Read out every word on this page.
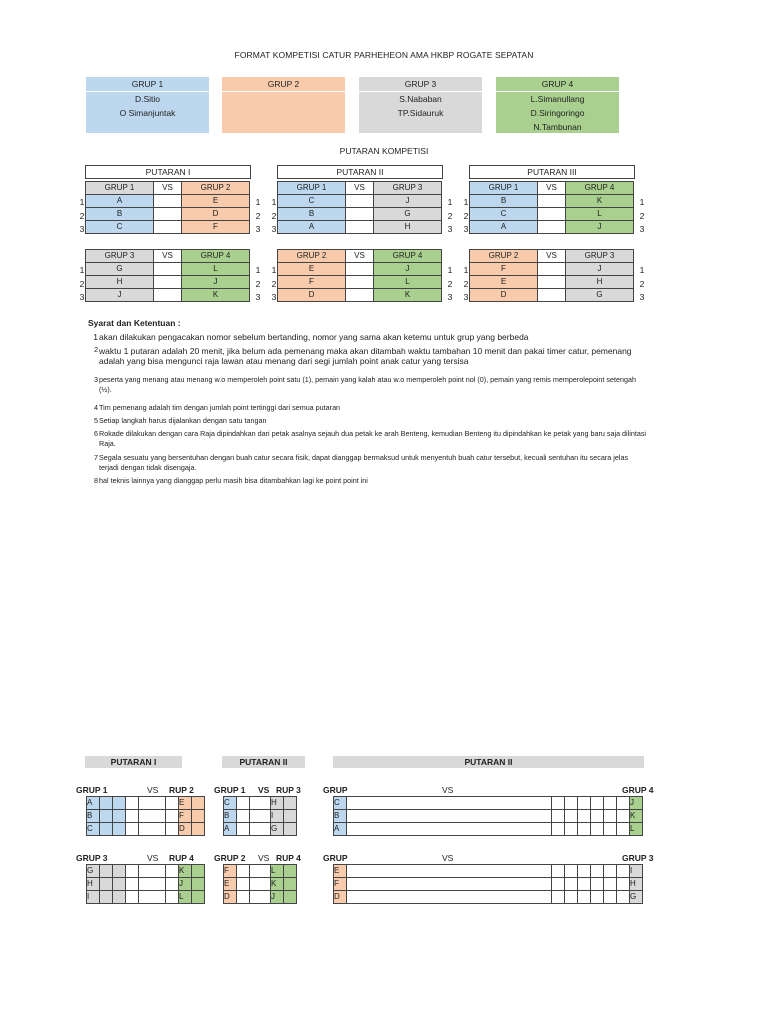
FORMAT KOMPETISI CATUR PARHEHEON AMA HKBP ROGATE SEPATAN
GRUP 1
D.Sitio
O Simanjuntak
GRUP 2	GRUP 3
S.Nababan
TP.Sidauruk
GRUP 4
L.Simanullang
D.Siringoringo
N.Tambunan
PUTARAN KOMPETISI
PUTARAN I	PUTARAN II	PUTARAN III
GRUP 1	VS	GRUP 2
A		E
B		D
C		F
GRUP 1	VS	GRUP 3
C		J
B		G
A		H
GRUP 1	VS	GRUP 4
B		K
C		L
A		J
GRUP 3	VS	GRUP 4
G		L
H		J
J		K
GRUP 2	VS	GRUP 4
E		J
F		L
D		K
GRUP 2	VS	GRUP 3
F		J
E		H
D		G
1
2
3
1
2
3
1
2
3
1
2
3
1
2
3
1
2
3
1
2
3
1
2
3
1
2
3
1
2
3
1
2
3
1
2
3
Syarat dan Ketentuan :
1 akan dilakukan pengacakan nomor sebelum bertanding, nomor yang sama akan ketemu untuk grup yang berbeda
2 waktu 1 putaran adalah 20 menit, jika belum ada pemenang maka akan ditambah waktu tambahan 10 menit dan pakai timer catur, pemenang adalah yang bisa mengunci raja lawan atau menang dari segi jumlah point anak catur yang tersisa
3 peserta yang menang atau menang w.o memperoleh point satu (1), pemain yang kalah atau w.o memperoleh point nol (0), pemain yang remis memperolepoint setengah (½).
4 Tim pemenang adalah tim dengan jumlah point tertinggi dari semua putaran
5 Setiap langkah harus dijalankan dengan satu tangan
6 Rokade dilakukan dengan cara Raja dipindahkan dari petak asalnya sejauh dua petak ke arah Benteng, kemudian Benteng itu dipindahkan ke petak yang baru saja dilintasi Raja.
7 Segala sesuatu yang bersentuhan dengan buah catur secara fisik, dapat dianggap bermaksud untuk menyentuh buah catur tersebut, kecuali sentuhan itu secara jelas terjadi dengan tidak disengaja.
8 hal teknis lainnya yang dianggap perlu masih bisa ditambahkan lagi ke point point ini
PUTARAN I	PUTARAN II	PUTARAN II
GRUP 1	VS RUP 2
A						E	
B						F	
C						D	
GRUP 1 VS RUP 3
C			H	
B			I	
A			G	
GRUP	VS	GRUP 4
C								J
B								K
A								L
GRUP 3	VS RUP 4
G						K	
H						J	
I						L	
GRUP 2 VS RUP 4
F			L	
E			K	
D			J	
GRUP	VS	GRUP 3
E								I
F								H
D								G
